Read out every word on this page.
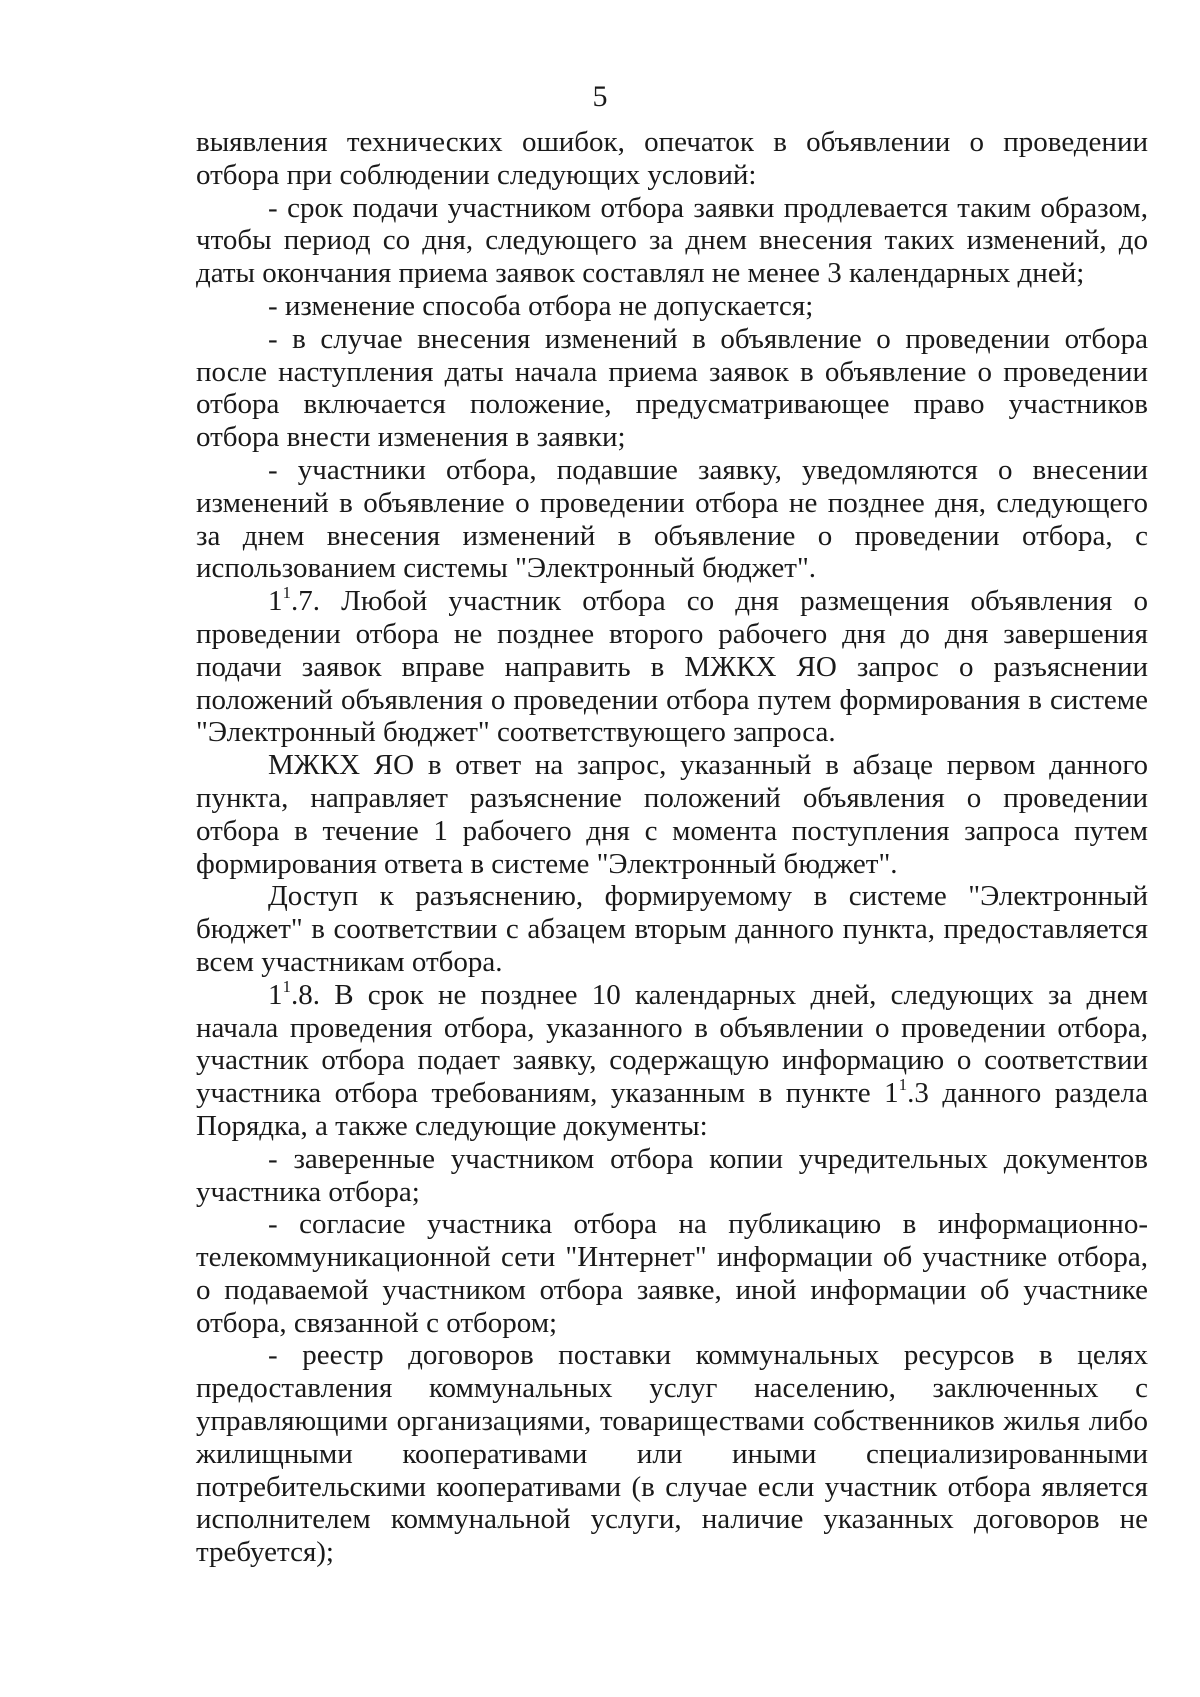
5

выявления технических ошибок, опечаток в объявлении о проведении отбора при соблюдении следующих условий:

- срок подачи участником отбора заявки продлевается таким образом, чтобы период со дня, следующего за днем внесения таких изменений, до даты окончания приема заявок составлял не менее 3 календарных дней;

- изменение способа отбора не допускается;

- в случае внесения изменений в объявление о проведении отбора после наступления даты начала приема заявок в объявление о проведении отбора включается положение, предусматривающее право участников отбора внести изменения в заявки;

- участники отбора, подавшие заявку, уведомляются о внесении изменений в объявление о проведении отбора не позднее дня, следующего за днем внесения изменений в объявление о проведении отбора, с использованием системы "Электронный бюджет".

$1^1.7$. Любой участник отбора со дня размещения объявления о проведении отбора не позднее второго рабочего дня до дня завершения подачи заявок вправе направить в МЖКХ ЯО запрос о разъяснении положений объявления о проведении отбора путем формирования в системе "Электронный бюджет" соответствующего запроса.

МЖКХ ЯО в ответ на запрос, указанный в абзаце первом данного пункта, направляет разъяснение положений объявления о проведении отбора в течение 1 рабочего дня с момента поступления запроса путем формирования ответа в системе "Электронный бюджет".

Доступ к разъяснению, формируемому в системе "Электронный бюджет" в соответствии с абзацем вторым данного пункта, предоставляется всем участникам отбора.

$1^1.8$. В срок не позднее 10 календарных дней, следующих за днем начала проведения отбора, указанного в объявлении о проведении отбора, участник отбора подает заявку, содержащую информацию о соответствии участника отбора требованиям, указанным в пункте $1^1.3$ данного раздела Порядка, а также следующие документы:

- заверенные участником отбора копии учредительных документов участника отбора;

- согласие участника отбора на публикацию в информационно-телекоммуникационной сети "Интернет" информации об участнике отбора, о подаваемой участником отбора заявке, иной информации об участнике отбора, связанной с отбором;

- реестр договоров поставки коммунальных ресурсов в целях предоставления коммунальных услуг населению, заключенных с управляющими организациями, товариществами собственников жилья либо жилищными кооперативами или иными специализированными потребительскими кооперативами (в случае если участник отбора является исполнителем коммунальной услуги, наличие указанных договоров не требуется);
